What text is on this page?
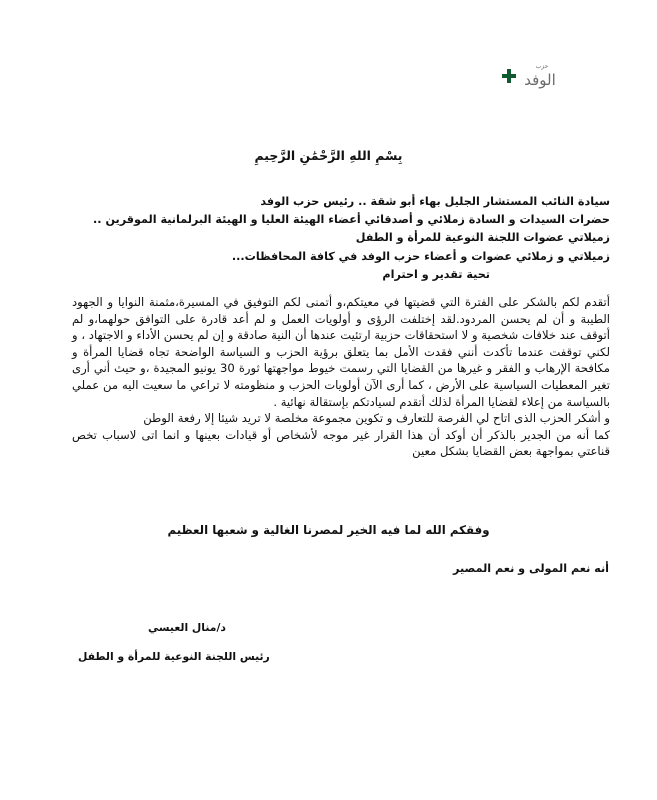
الوفد
حزب
بِسْمِ اللهِ الرَّحْمَٰنِ الرَّحِيمِ
سيادة النائب المستشار الجليل بهاء أبو شقة .. رئيس حزب الوفد
حضرات السيدات و السادة زملائي و أصدقائي أعضاء الهيئة العليا و الهيئة البرلمانية الموقرين ..
زميلاتي عضوات اللجنة النوعية للمرأة و الطفل
زميلاتي و زملائي عضوات و أعضاء حزب الوفد في كافة المحافظات...
تحية تقدير و احترام

أتقدم لكم بالشكر على الفترة التي قضيتها في معيتكم،و أتمنى لكم التوفيق في المسيرة،مثمنة النوايا و الجهود الطيبة و أن لم يحسن المردود.لقد إختلفت الرؤى و أولويات العمل و لم أعد قادرة على التوافق حولهما،و لم أتوقف عند خلافات شخصية و لا استحقاقات حزبية ارتئيت عندها أن النية صادقة و إن لم يحسن الأداء و الاجتهاد ، و لكني توقفت عندما تأكدت أنني فقدت الأمل بما يتعلق برؤية الحزب و السياسة الواضحة تجاه قضايا المرأة و مكافحة الإرهاب و الفقر و غيرها من القضايا التي رسمت خيوط مواجهتها ثورة 30 يونيو المجيدة ،و حيث أني أرى تغير المعطيات السياسية على الأرض ، كما أرى الآن أولويات الحزب و منظومته لا تراعي ما سعيت اليه من عملي بالسياسة من إعلاء لقضايا المرأة لذلك أتقدم لسيادتكم بإستقالة نهائية .

و أشكر الحزب الذى اتاح لي الفرصة للتعارف و تكوين مجموعة مخلصة لا تريد شيئا إلا رفعة الوطن

كما أنه من الجدير بالذكر أن أوكد أن هذا القرار غير موجه لأشخاص أو قيادات بعينها و انما اتى لاسباب تخص قناعتي بمواجهة بعض القضايا بشكل معين

وفقكم الله لما فيه الخير لمصرنا الغالية و شعبها العظيم
أنه نعم المولى و نعم المصير
د/منال العيسي
رئيس اللجنة النوعية للمرأة و الطفل
